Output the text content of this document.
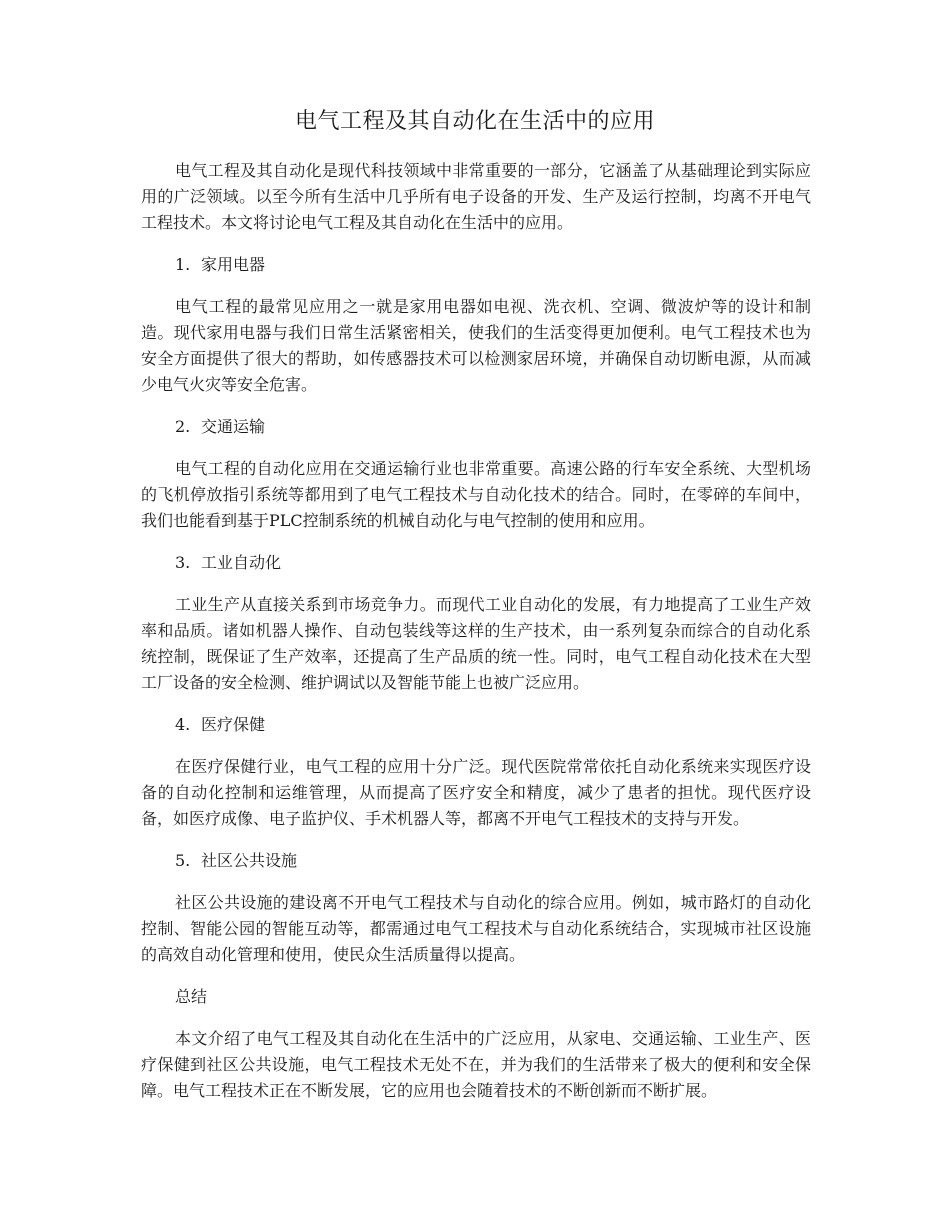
电气工程及其自动化在生活中的应用

电气工程及其自动化是现代科技领域中非常重要的一部分，它涵盖了从基础理论到实际应用的广泛领域。以至今所有生活中几乎所有电子设备的开发、生产及运行控制，均离不开电气工程技术。本文将讨论电气工程及其自动化在生活中的应用。

1. 家用电器

电气工程的最常见应用之一就是家用电器如电视、洗衣机、空调、微波炉等的设计和制造。现代家用电器与我们日常生活紧密相关，使我们的生活变得更加便利。电气工程技术也为安全方面提供了很大的帮助，如传感器技术可以检测家居环境，并确保自动切断电源，从而减少电气火灾等安全危害。

2. 交通运输

电气工程的自动化应用在交通运输行业也非常重要。高速公路的行车安全系统、大型机场的飞机停放指引系统等都用到了电气工程技术与自动化技术的结合。同时，在零碎的车间中，我们也能看到基于PLC控制系统的机械自动化与电气控制的使用和应用。

3. 工业自动化

工业生产从直接关系到市场竞争力。而现代工业自动化的发展，有力地提高了工业生产效率和品质。诸如机器人操作、自动包装线等这样的生产技术，由一系列复杂而综合的自动化系统控制，既保证了生产效率，还提高了生产品质的统一性。同时，电气工程自动化技术在大型工厂设备的安全检测、维护调试以及智能节能上也被广泛应用。

4. 医疗保健

在医疗保健行业，电气工程的应用十分广泛。现代医院常常依托自动化系统来实现医疗设备的自动化控制和运维管理，从而提高了医疗安全和精度，减少了患者的担忧。现代医疗设备，如医疗成像、电子监护仪、手术机器人等，都离不开电气工程技术的支持与开发。

5. 社区公共设施

社区公共设施的建设离不开电气工程技术与自动化的综合应用。例如，城市路灯的自动化控制、智能公园的智能互动等，都需通过电气工程技术与自动化系统结合，实现城市社区设施的高效自动化管理和使用，使民众生活质量得以提高。

总结

本文介绍了电气工程及其自动化在生活中的广泛应用，从家电、交通运输、工业生产、医疗保健到社区公共设施，电气工程技术无处不在，并为我们的生活带来了极大的便利和安全保障。电气工程技术正在不断发展，它的应用也会随着技术的不断创新而不断扩展。
